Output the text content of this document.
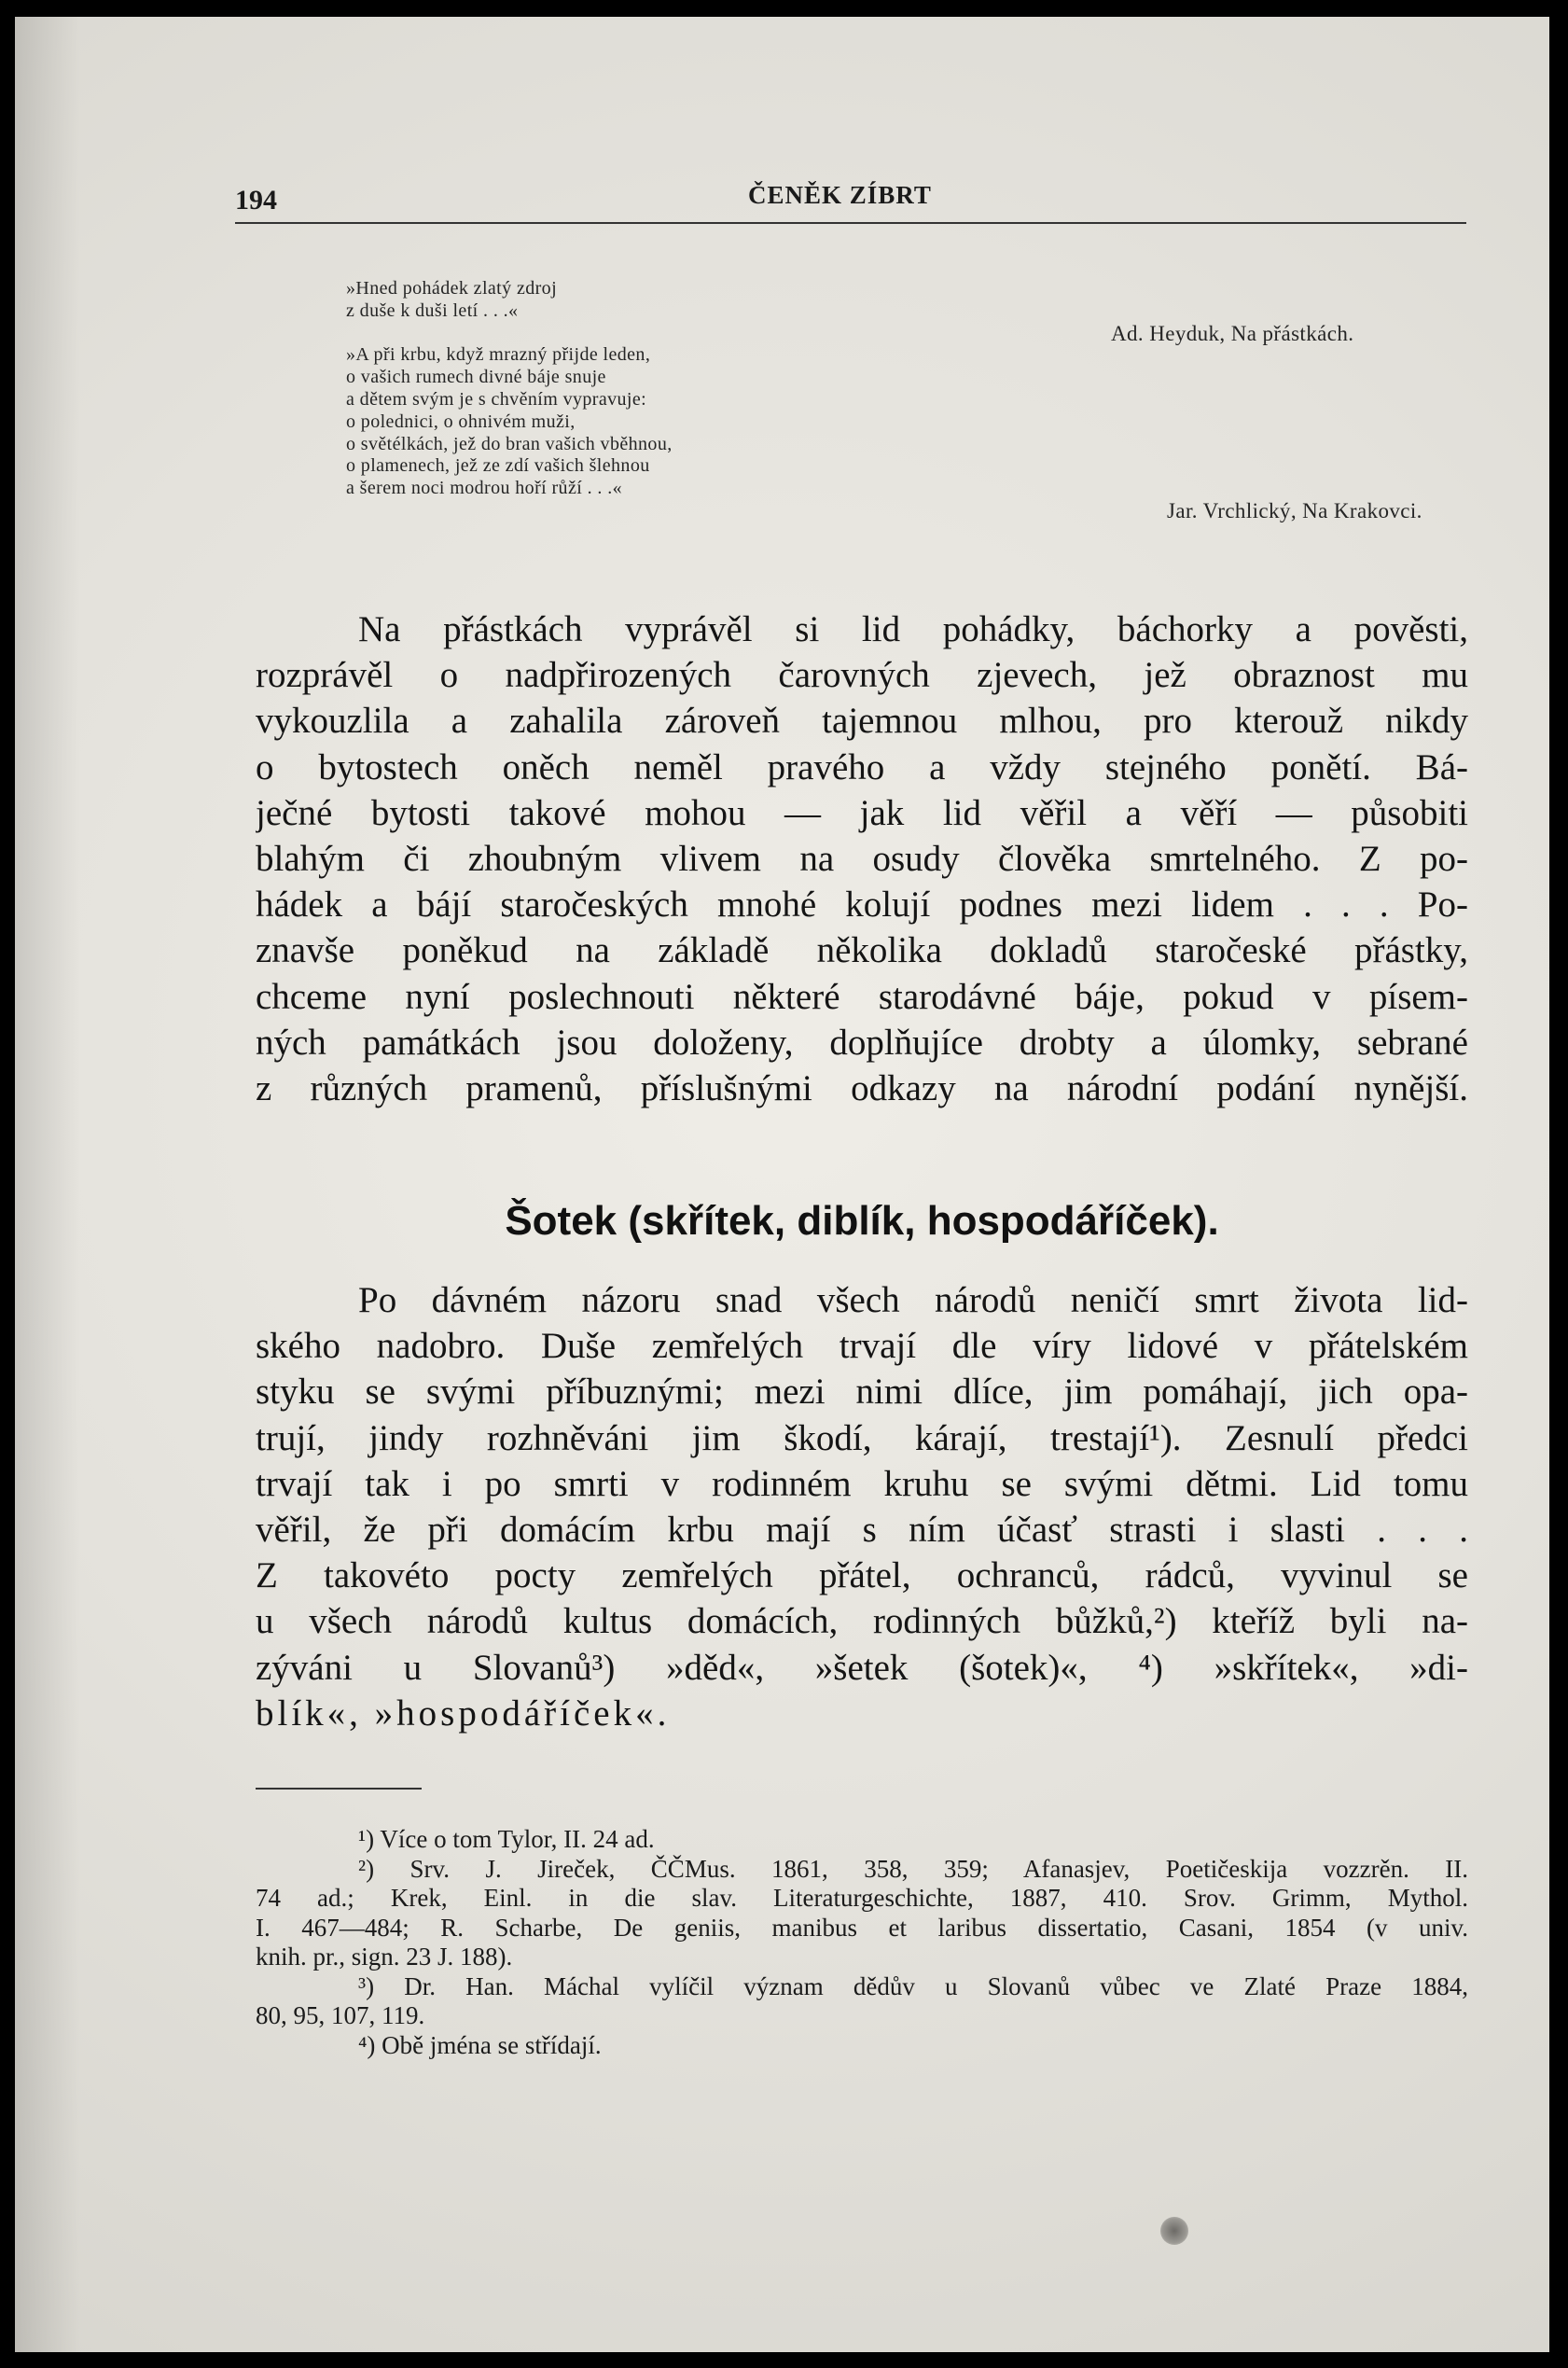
194	ČENĚK ZÍBRT
»Hned pohádek zlatý zdroj
z duše k duši letí . . .«
Ad. Heyduk, Na přástkách.
»A při krbu, když mrazný přijde leden,
o vašich rumech divné báje snuje
a dětem svým je s chvěním vypravuje:
o polednici, o ohnivém muži,
o světélkách, jež do bran vašich vběhnou,
o plamenech, jež ze zdí vašich šlehnou
a šerem noci modrou hoří růží . . .«
Jar. Vrchlický, Na Krakovci.
Na přástkách vyprávěl si lid pohádky, báchorky a pověsti,
rozprávěl o nadpřirozených čarovných zjevech, jež obraznost mu
vykouzlila a zahalila zároveň tajemnou mlhou, pro kterouž nikdy
o bytostech oněch neměl pravého a vždy stejného ponětí. Bá-
ječné bytosti takové mohou — jak lid věřil a věří — působiti
blahým či zhoubným vlivem na osudy člověka smrtelného. Z po-
hádek a bájí staročeských mnohé kolují podnes mezi lidem . . . Po-
znavše poněkud na základě několika dokladů staročeské přástky,
chceme nyní poslechnouti některé starodávné báje, pokud v písem-
ných památkách jsou doloženy, doplňujíce drobty a úlomky, sebrané
z různých pramenů, příslušnými odkazy na národní podání nynější.
Šotek (skřítek, diblík, hospodáříček).
Po dávném názoru snad všech národů neničí smrt života lid-
ského nadobro. Duše zemřelých trvají dle víry lidové v přátelském
styku se svými příbuznými; mezi nimi dlíce, jim pomáhají, jich opa-
trují, jindy rozhněváni jim škodí, kárají, trestají¹). Zesnulí předci
trvají tak i po smrti v rodinném kruhu se svými dětmi. Lid tomu
věřil, že při domácím krbu mají s ním účasť strasti i slasti . . .
Z takovéto pocty zemřelých přátel, ochranců, rádců, vyvinul se
u všech národů kultus domácích, rodinných bůžků,²) kteříž byli na-
zýváni u Slovanů³) »děd«, »šetek (šotek)«, ⁴) »skřítek«, »di-
blík«, »hospodáříček«.
¹) Více o tom Tylor, II. 24 ad.
²) Srv. J. Jireček, ČČMus. 1861, 358, 359; Afanasjev, Poetičeskija vozzrěn. II.
74 ad.; Krek, Einl. in die slav. Literaturgeschichte, 1887, 410. Srov. Grimm, Mythol.
I. 467—484; R. Scharbe, De geniis, manibus et laribus dissertatio, Casani, 1854 (v univ.
knih. pr., sign. 23 J. 188).
³) Dr. Han. Máchal vylíčil význam dědův u Slovanů vůbec ve Zlaté Praze 1884,
80, 95, 107, 119.
⁴) Obě jména se střídají.
